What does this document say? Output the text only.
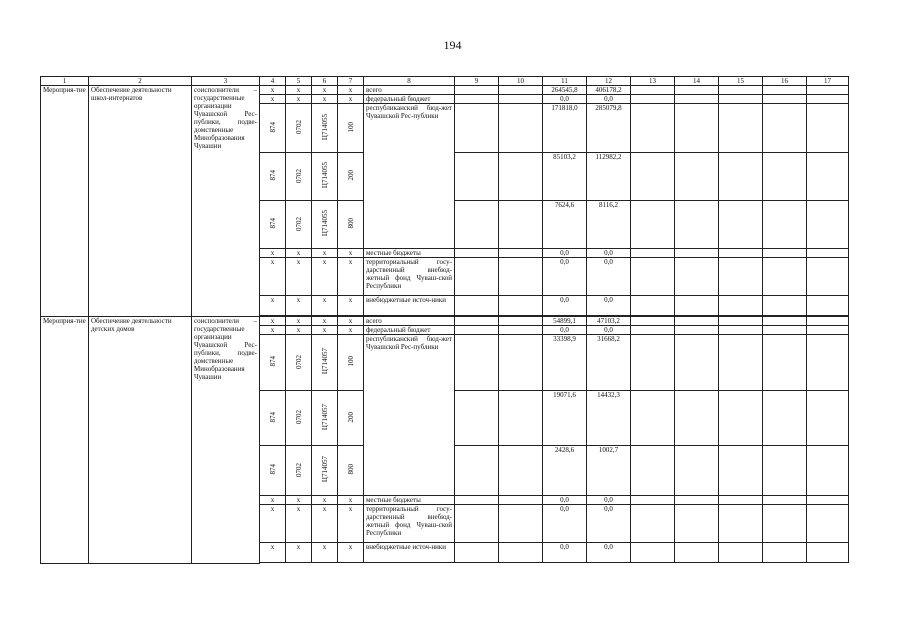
194
1	2	3	4	5	6	7	8	9	10	11	12	13	14	15	16	17
Мероприя-тие	Обеспечение деятельности школ-интернатов	соисполнители – государственные организации Чувашской Рес-публики, подве-домственные Минобразования Чувашии	x	x	x	x	всего			264545,8	406178,2					
			x	x	x	x	федеральный бюджет			0,0	0,0					
			874	0702	Ц714055	100	республиканский бюд-жет Чувашской Рес-публики			171818,0	285079,8					
			874	0702	Ц714055	200				85103,2	112982,2					
			874	0702	Ц714055	800				7624,6	8116,2					
			x	x	x	x	местные бюджеты			0,0	0,0					
			x	x	x	x	территориальный госу-дарственный внебюд-жетный фонд Чуваш-ской Республики			0,0	0,0					
			x	x	x	x	внебюджетные источ-ники			0,0	0,0					

Мероприя-тие	Обеспечение деятельности детских домов	соисполнители – государственные организации Чувашской Рес-публики, подве-домственные Минобразования Чувашии	x	x	x	x	всего			54899,1	47103,2					
			x	x	x	x	федеральный бюджет			0,0	0,0					
			874	0702	Ц714057	100	республиканский бюд-жет Чувашской Рес-публики			33398,9	31668,2					
			874	0702	Ц714057	200				19071,6	14432,3					
			874	0702	Ц714057	800				2428,6	1002,7					
			x	x	x	x	местные бюджеты			0,0	0,0					
			x	x	x	x	территориальный госу-дарственный внебюд-жетный фонд Чуваш-ской Республики			0,0	0,0					
			x	x	x	x	внебюджетные источ-ники			0,0	0,0					
